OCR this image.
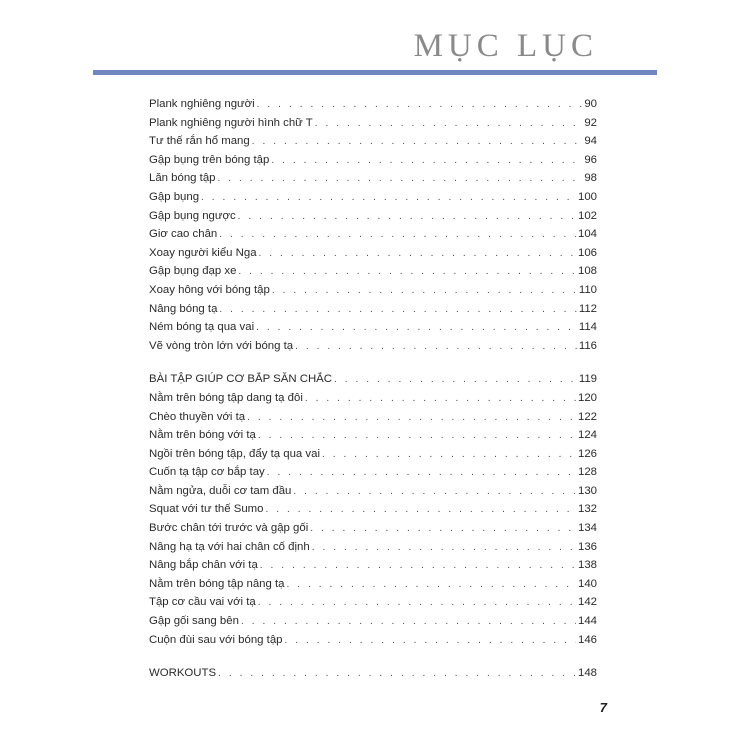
MỤC LỤC
Plank nghiêng người . . .	90
Plank nghiêng người hình chữ T . . .	92
Tư thế rắn hổ mang . . .	94
Gập bụng trên bóng tập . . .	96
Lăn bóng tập . . .	98
Gập bụng . . .	100
Gập bụng ngược . . .	102
Giơ cao chân . . .	104
Xoay người kiểu Nga . . .	106
Gập bụng đạp xe . . .	108
Xoay hông với bóng tập . . .	110
Nâng bóng tạ . . .	112
Ném bóng tạ qua vai . . .	114
Vẽ vòng tròn lớn với bóng tạ . . .	116
BÀI TẬP GIÚP CƠ BẮP SĂN CHẮC . . .	119
Nằm trên bóng tập dang tạ đôi . . .	120
Chèo thuyền với tạ . . .	122
Nằm trên bóng với tạ . . .	124
Ngồi trên bóng tập, đẩy tạ qua vai . . .	126
Cuốn tạ tập cơ bắp tay . . .	128
Nằm ngửa, duỗi cơ tam đầu . . .	130
Squat với tư thế Sumo . . .	132
Bước chân tới trước và gập gối . . .	134
Nâng hạ tạ với hai chân cố định . . .	136
Nâng bắp chân với tạ . . .	138
Nằm trên bóng tập nâng tạ . . .	140
Tập cơ cầu vai với tạ . . .	142
Gập gối sang bên . . .	144
Cuộn đùi sau với bóng tập . . .	146
WORKOUTS . . .	148
7
